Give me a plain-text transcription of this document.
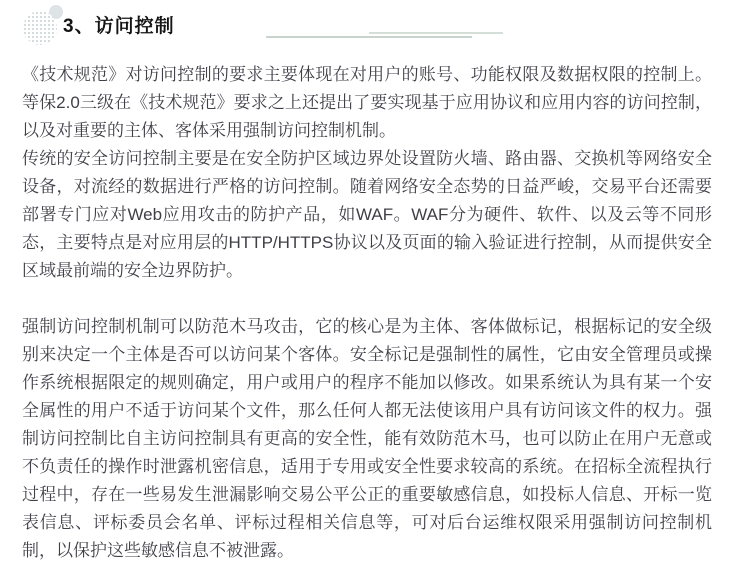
3、访问控制

《技术规范》对访问控制的要求主要体现在对用户的账号、功能权限及数据权限的控制上。等保2.0三级在《技术规范》要求之上还提出了要实现基于应用协议和应用内容的访问控制，以及对重要的主体、客体采用强制访问控制机制。

传统的安全访问控制主要是在安全防护区域边界处设置防火墙、路由器、交换机等网络安全设备，对流经的数据进行严格的访问控制。随着网络安全态势的日益严峻，交易平台还需要部署专门应对Web应用攻击的防护产品，如WAF。WAF分为硬件、软件、以及云等不同形态，主要特点是对应用层的HTTP/HTTPS协议以及页面的输入验证进行控制，从而提供安全区域最前端的安全边界防护。

强制访问控制机制可以防范木马攻击，它的核心是为主体、客体做标记，根据标记的安全级别来决定一个主体是否可以访问某个客体。安全标记是强制性的属性，它由安全管理员或操作系统根据限定的规则确定，用户或用户的程序不能加以修改。如果系统认为具有某一个安全属性的用户不适于访问某个文件，那么任何人都无法使该用户具有访问该文件的权力。强制访问控制比自主访问控制具有更高的安全性，能有效防范木马，也可以防止在用户无意或不负责任的操作时泄露机密信息，适用于专用或安全性要求较高的系统。在招标全流程执行过程中，存在一些易发生泄漏影响交易公平公正的重要敏感信息，如投标人信息、开标一览表信息、评标委员会名单、评标过程相关信息等，可对后台运维权限采用强制访问控制机制，以保护这些敏感信息不被泄露。
